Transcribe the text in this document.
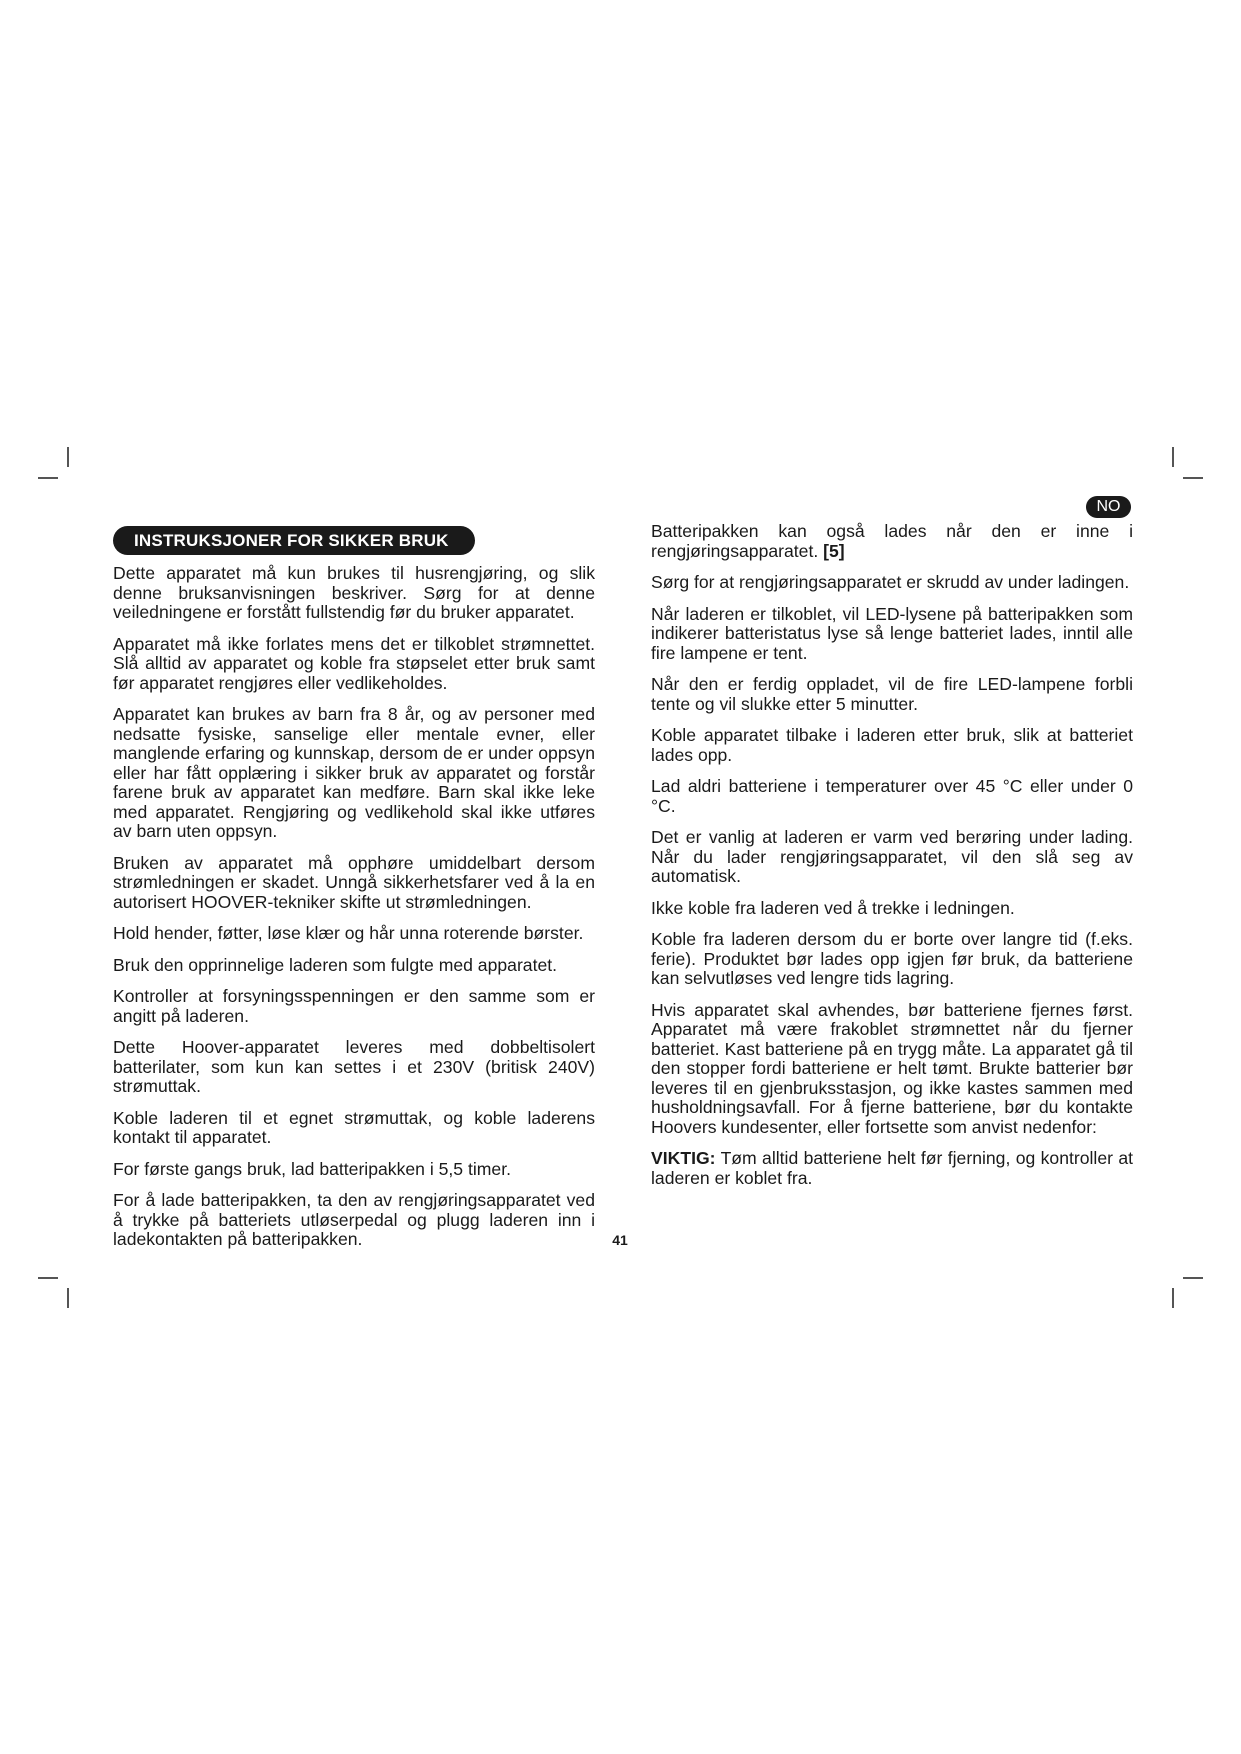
NO
INSTRUKSJONER FOR SIKKER BRUK

Dette apparatet må kun brukes til husrengjøring, og slik denne bruksanvisningen beskriver. Sørg for at denne veiledningene er forstått fullstendig før du bruker apparatet.

Apparatet må ikke forlates mens det er tilkoblet strømnettet. Slå alltid av apparatet og koble fra støpselet etter bruk samt før apparatet rengjøres eller vedlikeholdes.

Apparatet kan brukes av barn fra 8 år, og av personer med nedsatte fysiske, sanselige eller mentale evner, eller manglende erfaring og kunnskap, dersom de er under oppsyn eller har fått opplæring i sikker bruk av apparatet og forstår farene bruk av apparatet kan medføre. Barn skal ikke leke med apparatet. Rengjøring og vedlikehold skal ikke utføres av barn uten oppsyn.

Bruken av apparatet må opphøre umiddelbart dersom strømledningen er skadet. Unngå sikkerhetsfarer ved å la en autorisert HOOVER-tekniker skifte ut strømledningen.

Hold hender, føtter, løse klær og hår unna roterende børster.

Bruk den opprinnelige laderen som fulgte med apparatet.

Kontroller at forsyningsspenningen er den samme som er angitt på laderen.

Dette Hoover-apparatet leveres med dobbeltisolert batterilater, som kun kan settes i et 230V (britisk 240V) strømuttak.

Koble laderen til et egnet strømuttak, og koble laderens kontakt til apparatet.

For første gangs bruk, lad batteripakken i 5,5 timer.

For å lade batteripakken, ta den av rengjøringsapparatet ved å trykke på batteriets utløserpedal og plugg laderen inn i ladekontakten på batteripakken.

Batteripakken kan også lades når den er inne i rengjøringsapparatet. [5]

Sørg for at rengjøringsapparatet er skrudd av under ladingen.

Når laderen er tilkoblet, vil LED-lysene på batteripakken som indikerer batteristatus lyse så lenge batteriet lades, inntil alle fire lampene er tent.

Når den er ferdig oppladet, vil de fire LED-lampene forbli tente og vil slukke etter 5 minutter.

Koble apparatet tilbake i laderen etter bruk, slik at batteriet lades opp.

Lad aldri batteriene i temperaturer over 45 °C eller under 0 °C.

Det er vanlig at laderen er varm ved berøring under lading. Når du lader rengjøringsapparatet, vil den slå seg av automatisk.

Ikke koble fra laderen ved å trekke i ledningen.

Koble fra laderen dersom du er borte over langre tid (f.eks. ferie). Produktet bør lades opp igjen før bruk, da batteriene kan selvutløses ved lengre tids lagring.

Hvis apparatet skal avhendes, bør batteriene fjernes først. Apparatet må være frakoblet strømnettet når du fjerner batteriet. Kast batteriene på en trygg måte. La apparatet gå til den stopper fordi batteriene er helt tømt. Brukte batterier bør leveres til en gjenbruksstasjon, og ikke kastes sammen med husholdningsavfall. For å fjerne batteriene, bør du kontakte Hoovers kundesenter, eller fortsette som anvist nedenfor:

VIKTIG: Tøm alltid batteriene helt før fjerning, og kontroller at laderen er koblet fra.

41
